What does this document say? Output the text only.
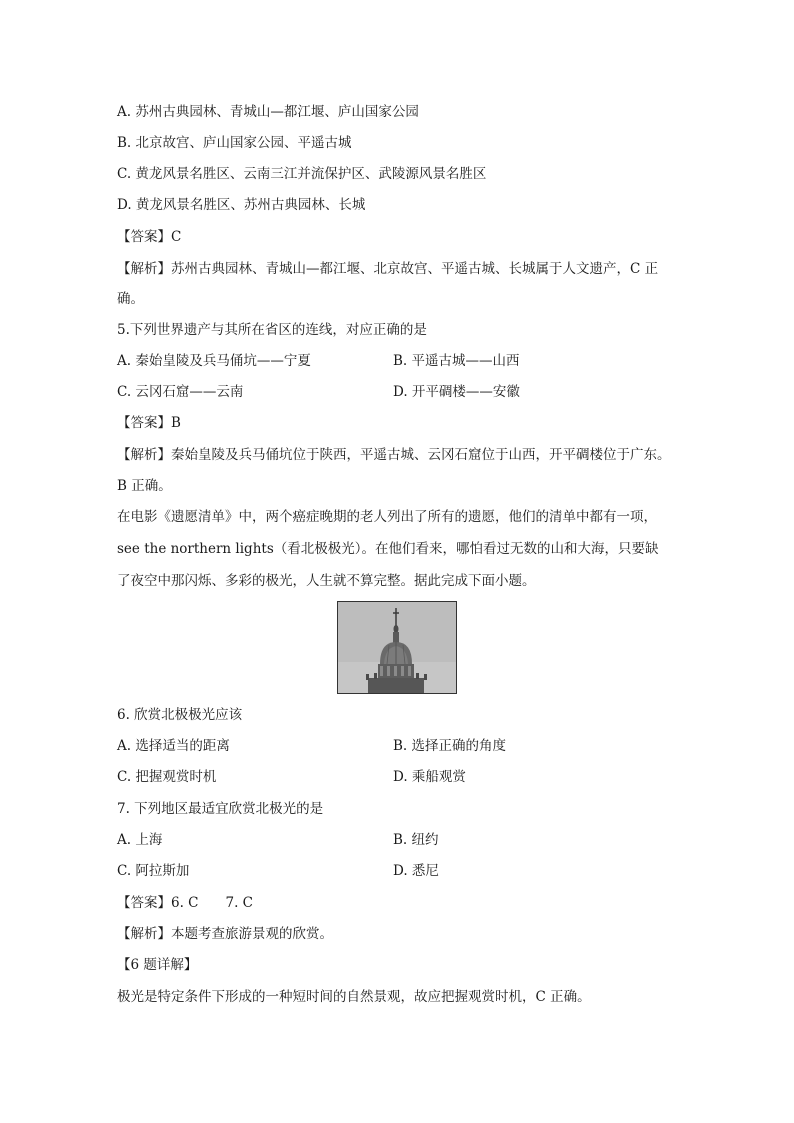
A. 苏州古典园林、青城山—都江堰、庐山国家公园
B. 北京故宫、庐山国家公园、平遥古城
C. 黄龙风景名胜区、云南三江并流保护区、武陵源风景名胜区
D. 黄龙风景名胜区、苏州古典园林、长城
【答案】C
【解析】苏州古典园林、青城山—都江堰、北京故宫、平遥古城、长城属于人文遗产，C 正
确。
5.下列世界遗产与其所在省区的连线，对应正确的是
A. 秦始皇陵及兵马俑坑——宁夏	B. 平遥古城——山西
C. 云冈石窟——云南	D. 开平碉楼——安徽
【答案】B
【解析】秦始皇陵及兵马俑坑位于陕西，平遥古城、云冈石窟位于山西，开平碉楼位于广东。
B 正确。
在电影《遗愿清单》中，两个癌症晚期的老人列出了所有的遗愿，他们的清单中都有一项，
see the northern lights（看北极极光）。在他们看来，哪怕看过无数的山和大海，只要缺
了夜空中那闪烁、多彩的极光，人生就不算完整。据此完成下面小题。
6. 欣赏北极极光应该
A. 选择适当的距离	B. 选择正确的角度
C. 把握观赏时机	D. 乘船观赏
7. 下列地区最适宜欣赏北极光的是
A. 上海	B. 纽约
C. 阿拉斯加	D. 悉尼
【答案】6. C　　7. C
【解析】本题考查旅游景观的欣赏。
【6 题详解】
极光是特定条件下形成的一种短时间的自然景观，故应把握观赏时机，C 正确。
